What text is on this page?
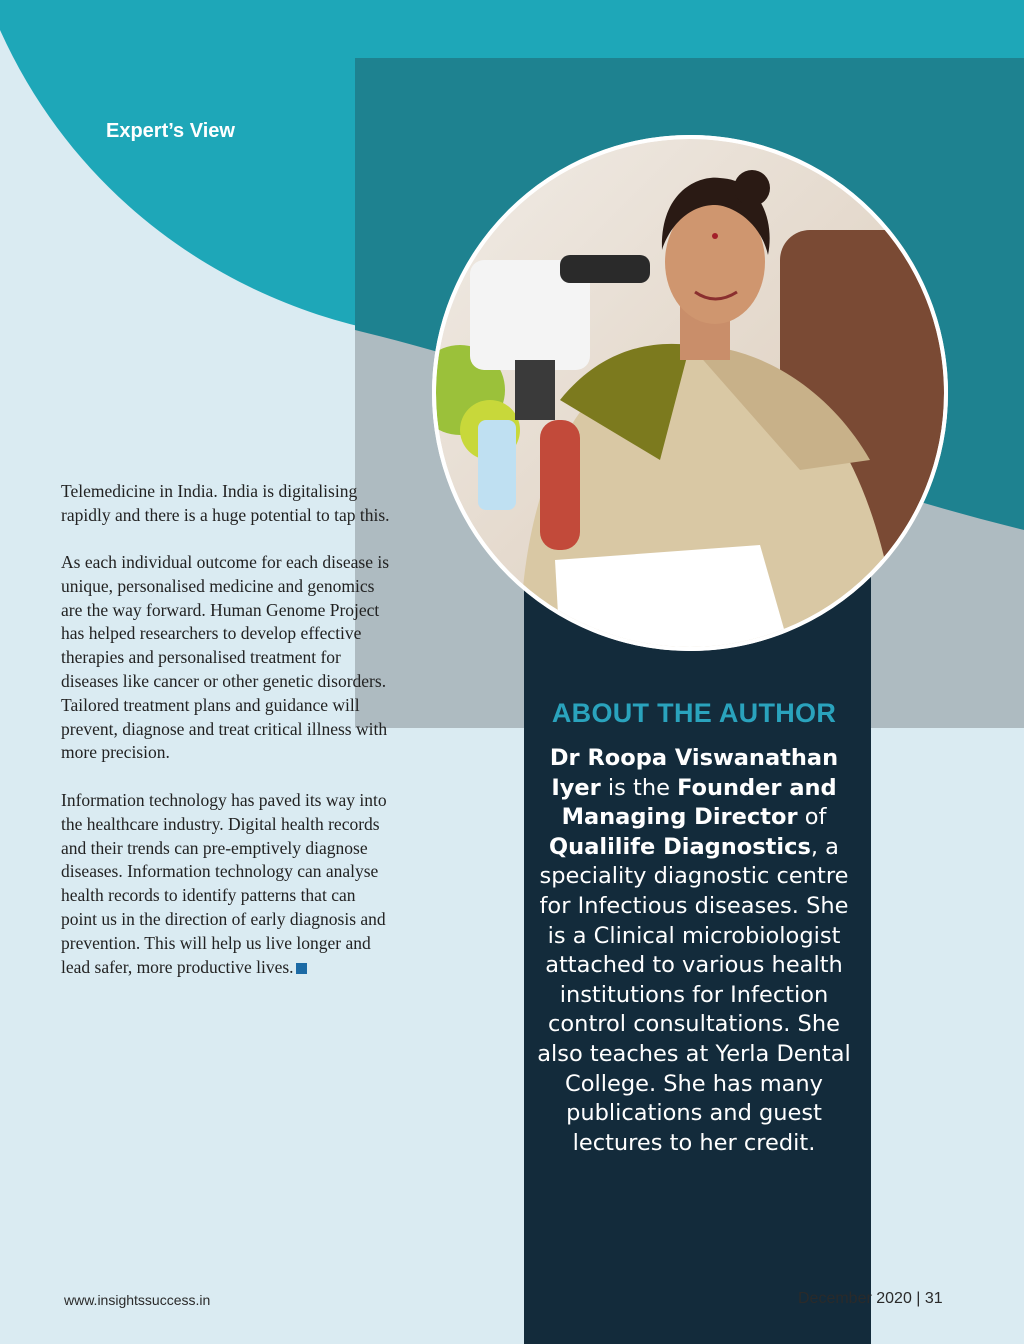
Expert’s View

Telemedicine in India. India is digitalising
rapidly and there is a huge potential to tap this.

As each individual outcome for each disease is
unique, personalised medicine and genomics
are the way forward. Human Genome Project
has helped researchers to develop effective
therapies and personalised treatment for
diseases like cancer or other genetic disorders.
Tailored treatment plans and guidance will
prevent, diagnose and treat critical illness with
more precision.

Information technology has paved its way into
the healthcare industry. Digital health records
and their trends can pre-emptively diagnose
diseases. Information technology can analyse
health records to identify patterns that can
point us in the direction of early diagnosis and
prevention. This will help us live longer and
lead safer, more productive lives.

ABOUT THE AUTHOR
Dr Roopa Viswanathan Iyer is the Founder and Managing Director of Qualilife Diagnostics, a speciality diagnostic centre for Infectious diseases. She is a Clinical microbiologist attached to various health institutions for Infection control consultations. She also teaches at Yerla Dental College. She has many publications and guest lectures to her credit.
www.insightssuccess.in	December 2020 | 31
